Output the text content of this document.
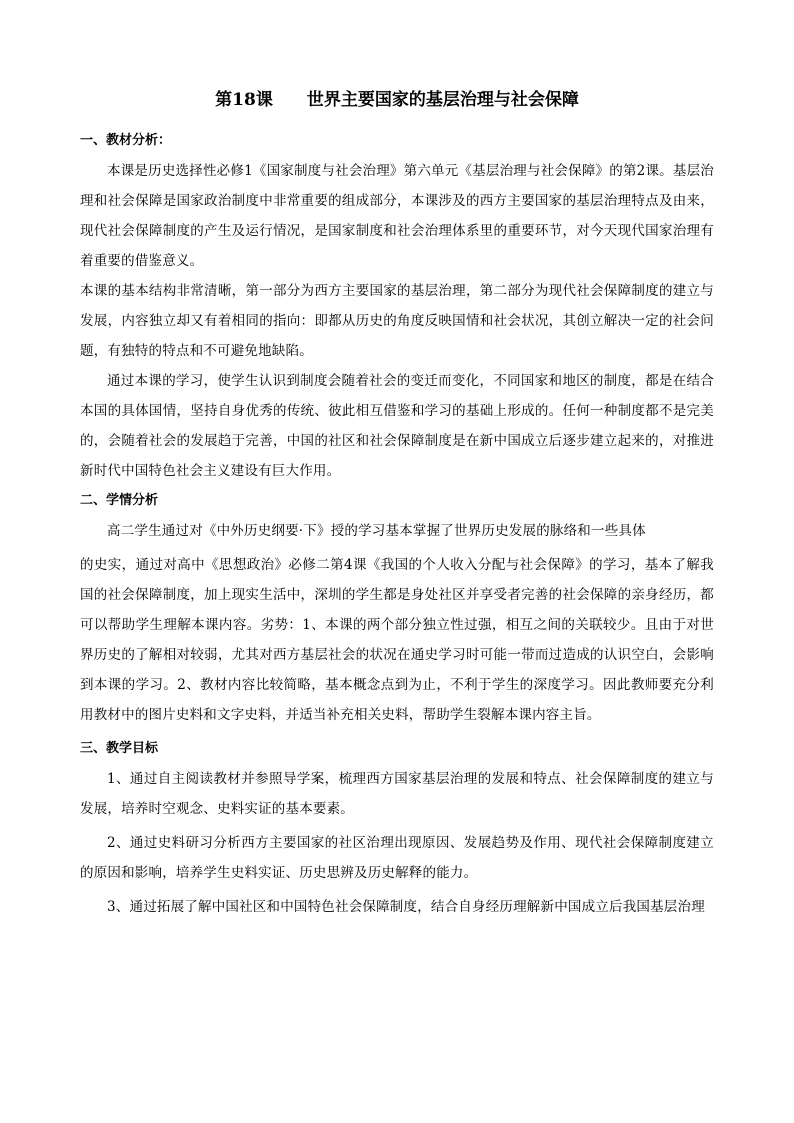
第18课　　世界主要国家的基层治理与社会保障

一、教材分析：

本课是历史选择性必修1《国家制度与社会治理》第六单元《基层治理与社会保障》的第2课。基层治理和社会保障是国家政治制度中非常重要的组成部分，本课涉及的西方主要国家的基层治理特点及由来，现代社会保障制度的产生及运行情况，是国家制度和社会治理体系里的重要环节，对今天现代国家治理有着重要的借鉴意义。

本课的基本结构非常清晰，第一部分为西方主要国家的基层治理，第二部分为现代社会保障制度的建立与发展，内容独立却又有着相同的指向：即都从历史的角度反映国情和社会状况，其创立解决一定的社会问题，有独特的特点和不可避免地缺陷。

通过本课的学习，使学生认识到制度会随着社会的变迁而变化，不同国家和地区的制度，都是在结合本国的具体国情，坚持自身优秀的传统、彼此相互借鉴和学习的基础上形成的。任何一种制度都不是完美的，会随着社会的发展趋于完善，中国的社区和社会保障制度是在新中国成立后逐步建立起来的，对推进新时代中国特色社会主义建设有巨大作用。

二、学情分析

高二学生通过对《中外历史纲要·下》授的学习基本掌握了世界历史发展的脉络和一些具体

的史实，通过对高中《思想政治》必修二第4课《我国的个人收入分配与社会保障》的学习，基本了解我国的社会保障制度，加上现实生活中，深圳的学生都是身处社区并享受者完善的社会保障的亲身经历，都可以帮助学生理解本课内容。劣势：1、本课的两个部分独立性过强，相互之间的关联较少。且由于对世界历史的了解相对较弱，尤其对西方基层社会的状况在通史学习时可能一带而过造成的认识空白，会影响到本课的学习。2、教材内容比较简略，基本概念点到为止，不利于学生的深度学习。因此教师要充分利用教材中的图片史料和文字史料，并适当补充相关史料，帮助学生裂解本课内容主旨。

三、教学目标

1、通过自主阅读教材并参照导学案，梳理西方国家基层治理的发展和特点、社会保障制度的建立与发展，培养时空观念、史料实证的基本要素。

2、通过史料研习分析西方主要国家的社区治理出现原因、发展趋势及作用、现代社会保障制度建立的原因和影响，培养学生史料实证、历史思辨及历史解释的能力。

3、通过拓展了解中国社区和中国特色社会保障制度，结合自身经历理解新中国成立后我国基层治理
